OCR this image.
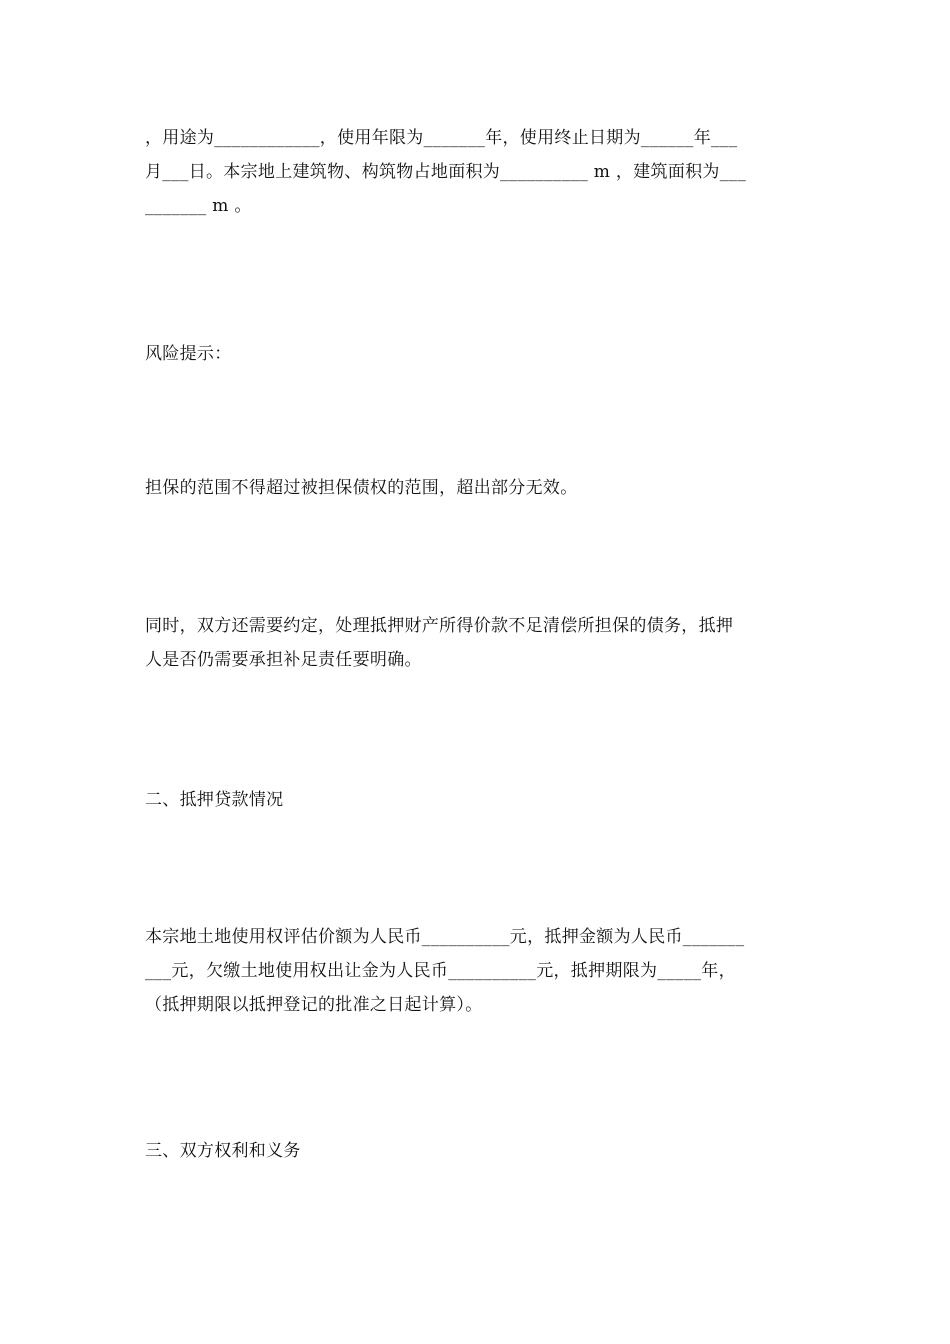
，用途为____________，使用年限为_______年，使用终止日期为______年___
月___日。本宗地上建筑物、构筑物占地面积为__________ m ，建筑面积为___
_______ m 。
风险提示：
担保的范围不得超过被担保债权的范围，超出部分无效。
同时，双方还需要约定，处理抵押财产所得价款不足清偿所担保的债务，抵押
人是否仍需要承担补足责任要明确。
二、抵押贷款情况
本宗地土地使用权评估价额为人民币__________元，抵押金额为人民币_______
___元，欠缴土地使用权出让金为人民币__________元，抵押期限为_____年，
（抵押期限以抵押登记的批准之日起计算）。
三、双方权利和义务
